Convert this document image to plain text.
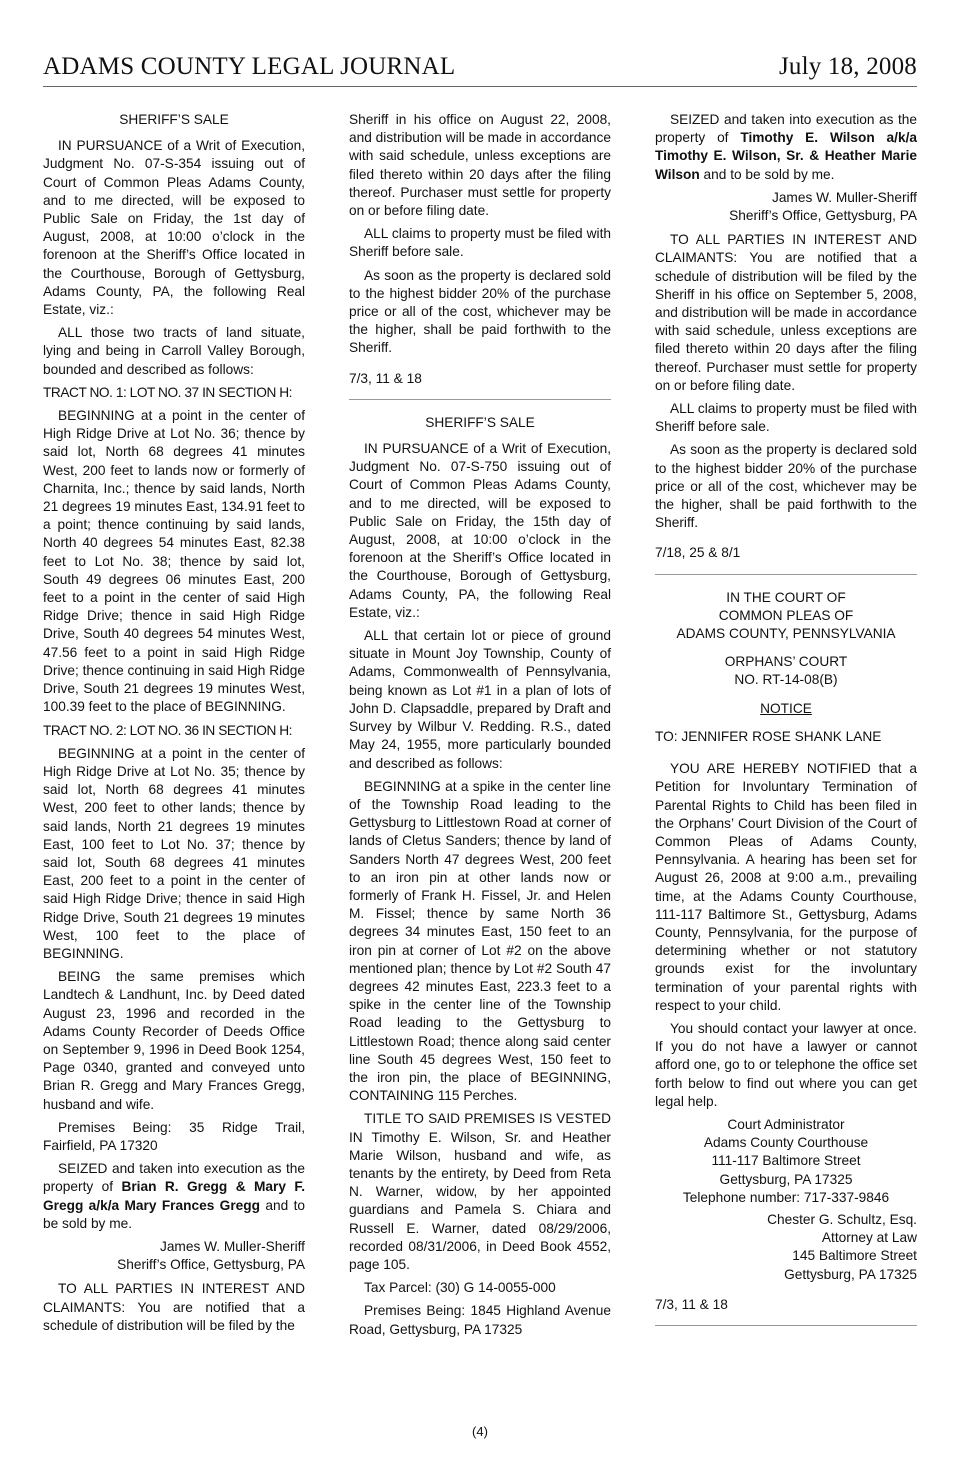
ADAMS COUNTY LEGAL JOURNAL	July 18, 2008

SHERIFF’S SALE

IN PURSUANCE of a Writ of Execution, Judgment No. 07-S-354 issuing out of Court of Common Pleas Adams County, and to me directed, will be exposed to Public Sale on Friday, the 1st day of August, 2008, at 10:00 o’clock in the forenoon at the Sheriff’s Office located in the Courthouse, Borough of Gettysburg, Adams County, PA, the following Real Estate, viz.:

ALL those two tracts of land situate, lying and being in Carroll Valley Borough, bounded and described as follows:

TRACT NO. 1: LOT NO. 37 IN SECTION H:

BEGINNING at a point in the center of High Ridge Drive at Lot No. 36; thence by said lot, North 68 degrees 41 minutes West, 200 feet to lands now or formerly of Charnita, Inc.; thence by said lands, North 21 degrees 19 minutes East, 134.91 feet to a point; thence continuing by said lands, North 40 degrees 54 minutes East, 82.38 feet to Lot No. 38; thence by said lot, South 49 degrees 06 minutes East, 200 feet to a point in the center of said High Ridge Drive; thence in said High Ridge Drive, South 40 degrees 54 minutes West, 47.56 feet to a point in said High Ridge Drive; thence continuing in said High Ridge Drive, South 21 degrees 19 minutes West, 100.39 feet to the place of BEGINNING.

TRACT NO. 2: LOT NO. 36 IN SECTION H:

BEGINNING at a point in the center of High Ridge Drive at Lot No. 35; thence by said lot, North 68 degrees 41 minutes West, 200 feet to other lands; thence by said lands, North 21 degrees 19 minutes East, 100 feet to Lot No. 37; thence by said lot, South 68 degrees 41 minutes East, 200 feet to a point in the center of said High Ridge Drive; thence in said High Ridge Drive, South 21 degrees 19 minutes West, 100 feet to the place of BEGINNING.

BEING the same premises which Landtech & Landhunt, Inc. by Deed dated August 23, 1996 and recorded in the Adams County Recorder of Deeds Office on September 9, 1996 in Deed Book 1254, Page 0340, granted and conveyed unto Brian R. Gregg and Mary Frances Gregg, husband and wife.

Premises Being: 35 Ridge Trail, Fairfield, PA 17320

SEIZED and taken into execution as the property of Brian R. Gregg & Mary F. Gregg a/k/a Mary Frances Gregg and to be sold by me.

James W. Muller-Sheriff
Sheriff’s Office, Gettysburg, PA

TO ALL PARTIES IN INTEREST AND CLAIMANTS: You are notified that a schedule of distribution will be filed by the

Sheriff in his office on August 22, 2008, and distribution will be made in accordance with said schedule, unless exceptions are filed thereto within 20 days after the filing thereof. Purchaser must settle for property on or before filing date.

ALL claims to property must be filed with Sheriff before sale.

As soon as the property is declared sold to the highest bidder 20% of the purchase price or all of the cost, whichever may be the higher, shall be paid forthwith to the Sheriff.

7/3, 11 & 18

SHERIFF’S SALE

IN PURSUANCE of a Writ of Execution, Judgment No. 07-S-750 issuing out of Court of Common Pleas Adams County, and to me directed, will be exposed to Public Sale on Friday, the 15th day of August, 2008, at 10:00 o’clock in the forenoon at the Sheriff’s Office located in the Courthouse, Borough of Gettysburg, Adams County, PA, the following Real Estate, viz.:

ALL that certain lot or piece of ground situate in Mount Joy Township, County of Adams, Commonwealth of Pennsylvania, being known as Lot #1 in a plan of lots of John D. Clapsaddle, prepared by Draft and Survey by Wilbur V. Redding. R.S., dated May 24, 1955, more particularly bounded and described as follows:

BEGINNING at a spike in the center line of the Township Road leading to the Gettysburg to Littlestown Road at corner of lands of Cletus Sanders; thence by land of Sanders North 47 degrees West, 200 feet to an iron pin at other lands now or formerly of Frank H. Fissel, Jr. and Helen M. Fissel; thence by same North 36 degrees 34 minutes East, 150 feet to an iron pin at corner of Lot #2 on the above mentioned plan; thence by Lot #2 South 47 degrees 42 minutes East, 223.3 feet to a spike in the center line of the Township Road leading to the Gettysburg to Littlestown Road; thence along said center line South 45 degrees West, 150 feet to the iron pin, the place of BEGINNING, CONTAINING 115 Perches.

TITLE TO SAID PREMISES IS VESTED IN Timothy E. Wilson, Sr. and Heather Marie Wilson, husband and wife, as tenants by the entirety, by Deed from Reta N. Warner, widow, by her appointed guardians and Pamela S. Chiara and Russell E. Warner, dated 08/29/2006, recorded 08/31/2006, in Deed Book 4552, page 105.

Tax Parcel: (30) G 14-0055-000

Premises Being: 1845 Highland Avenue Road, Gettysburg, PA 17325

SEIZED and taken into execution as the property of Timothy E. Wilson a/k/a Timothy E. Wilson, Sr. & Heather Marie Wilson and to be sold by me.

James W. Muller-Sheriff
Sheriff’s Office, Gettysburg, PA

TO ALL PARTIES IN INTEREST AND CLAIMANTS: You are notified that a schedule of distribution will be filed by the Sheriff in his office on September 5, 2008, and distribution will be made in accordance with said schedule, unless exceptions are filed thereto within 20 days after the filing thereof. Purchaser must settle for property on or before filing date.

ALL claims to property must be filed with Sheriff before sale.

As soon as the property is declared sold to the highest bidder 20% of the purchase price or all of the cost, whichever may be the higher, shall be paid forthwith to the Sheriff.

7/18, 25 & 8/1

IN THE COURT OF
COMMON PLEAS OF
ADAMS COUNTY, PENNSYLVANIA
ORPHANS’ COURT
NO. RT-14-08(B)
NOTICE
TO: JENNIFER ROSE SHANK LANE

YOU ARE HEREBY NOTIFIED that a Petition for Involuntary Termination of Parental Rights to Child has been filed in the Orphans’ Court Division of the Court of Common Pleas of Adams County, Pennsylvania. A hearing has been set for August 26, 2008 at 9:00 a.m., prevailing time, at the Adams County Courthouse, 111-117 Baltimore St., Gettysburg, Adams County, Pennsylvania, for the purpose of determining whether or not statutory grounds exist for the involuntary termination of your parental rights with respect to your child.

You should contact your lawyer at once. If you do not have a lawyer or cannot afford one, go to or telephone the office set forth below to find out where you can get legal help.

Court Administrator
Adams County Courthouse
111-117 Baltimore Street
Gettysburg, PA 17325
Telephone number: 717-337-9846
Chester G. Schultz, Esq.
Attorney at Law
145 Baltimore Street
Gettysburg, PA 17325

7/3, 11 & 18

(4)
